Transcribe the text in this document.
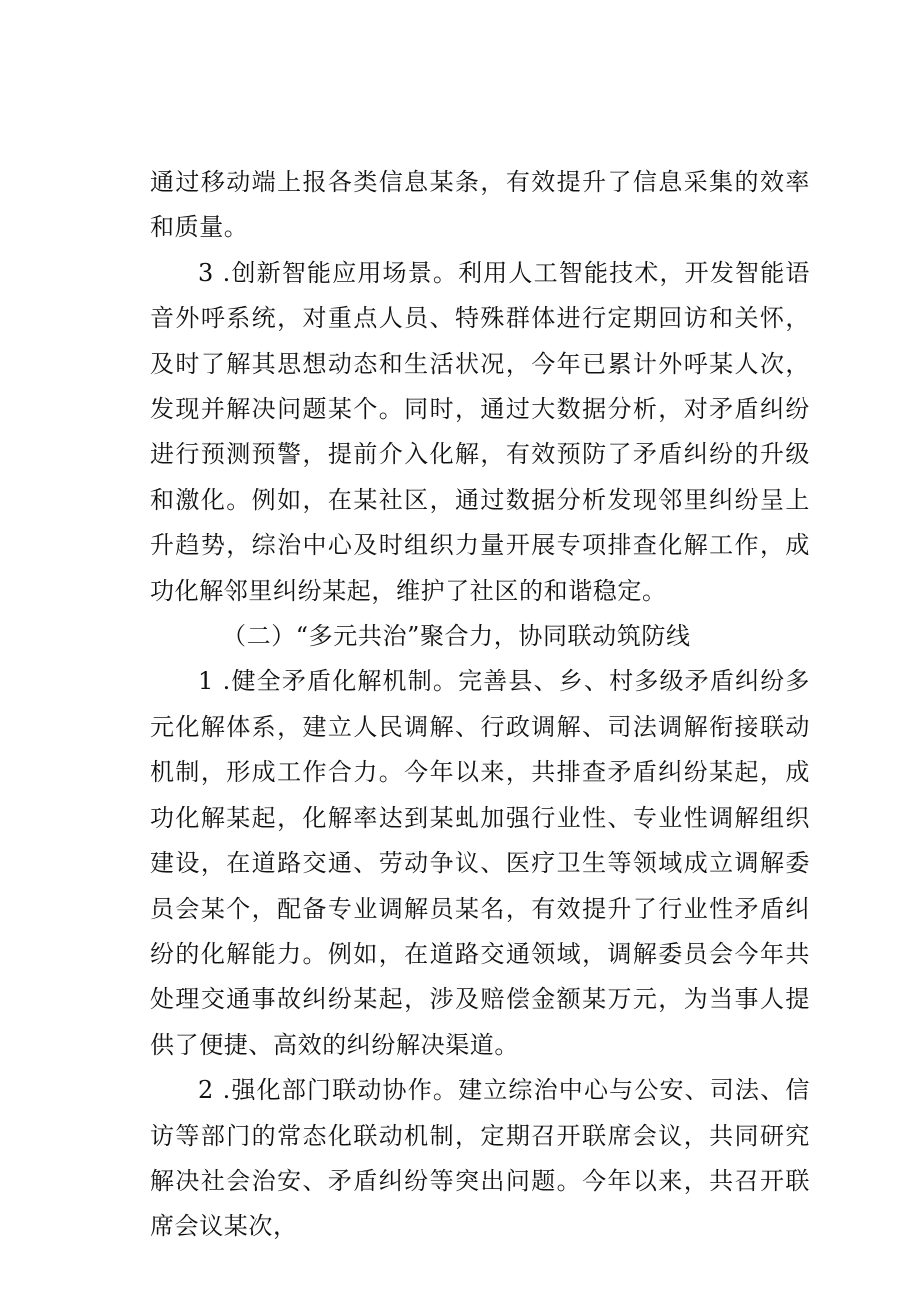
通过移动端上报各类信息某条，有效提升了信息采集的效率和质量。

3 .创新智能应用场景。利用人工智能技术，开发智能语音外呼系统，对重点人员、特殊群体进行定期回访和关怀，及时了解其思想动态和生活状况，今年已累计外呼某人次，发现并解决问题某个。同时，通过大数据分析，对矛盾纠纷进行预测预警，提前介入化解，有效预防了矛盾纠纷的升级和激化。例如，在某社区，通过数据分析发现邻里纠纷呈上升趋势，综治中心及时组织力量开展专项排查化解工作，成功化解邻里纠纷某起，维护了社区的和谐稳定。

（二）“多元共治”聚合力，协同联动筑防线

1 .健全矛盾化解机制。完善县、乡、村多级矛盾纠纷多元化解体系，建立人民调解、行政调解、司法调解衔接联动机制，形成工作合力。今年以来，共排查矛盾纠纷某起，成功化解某起，化解率达到某虬加强行业性、专业性调解组织建设，在道路交通、劳动争议、医疗卫生等领域成立调解委员会某个，配备专业调解员某名，有效提升了行业性矛盾纠纷的化解能力。例如，在道路交通领域，调解委员会今年共处理交通事故纠纷某起，涉及赔偿金额某万元，为当事人提供了便捷、高效的纠纷解决渠道。

2 .强化部门联动协作。建立综治中心与公安、司法、信访等部门的常态化联动机制，定期召开联席会议，共同研究解决社会治安、矛盾纠纷等突出问题。今年以来，共召开联席会议某次，
